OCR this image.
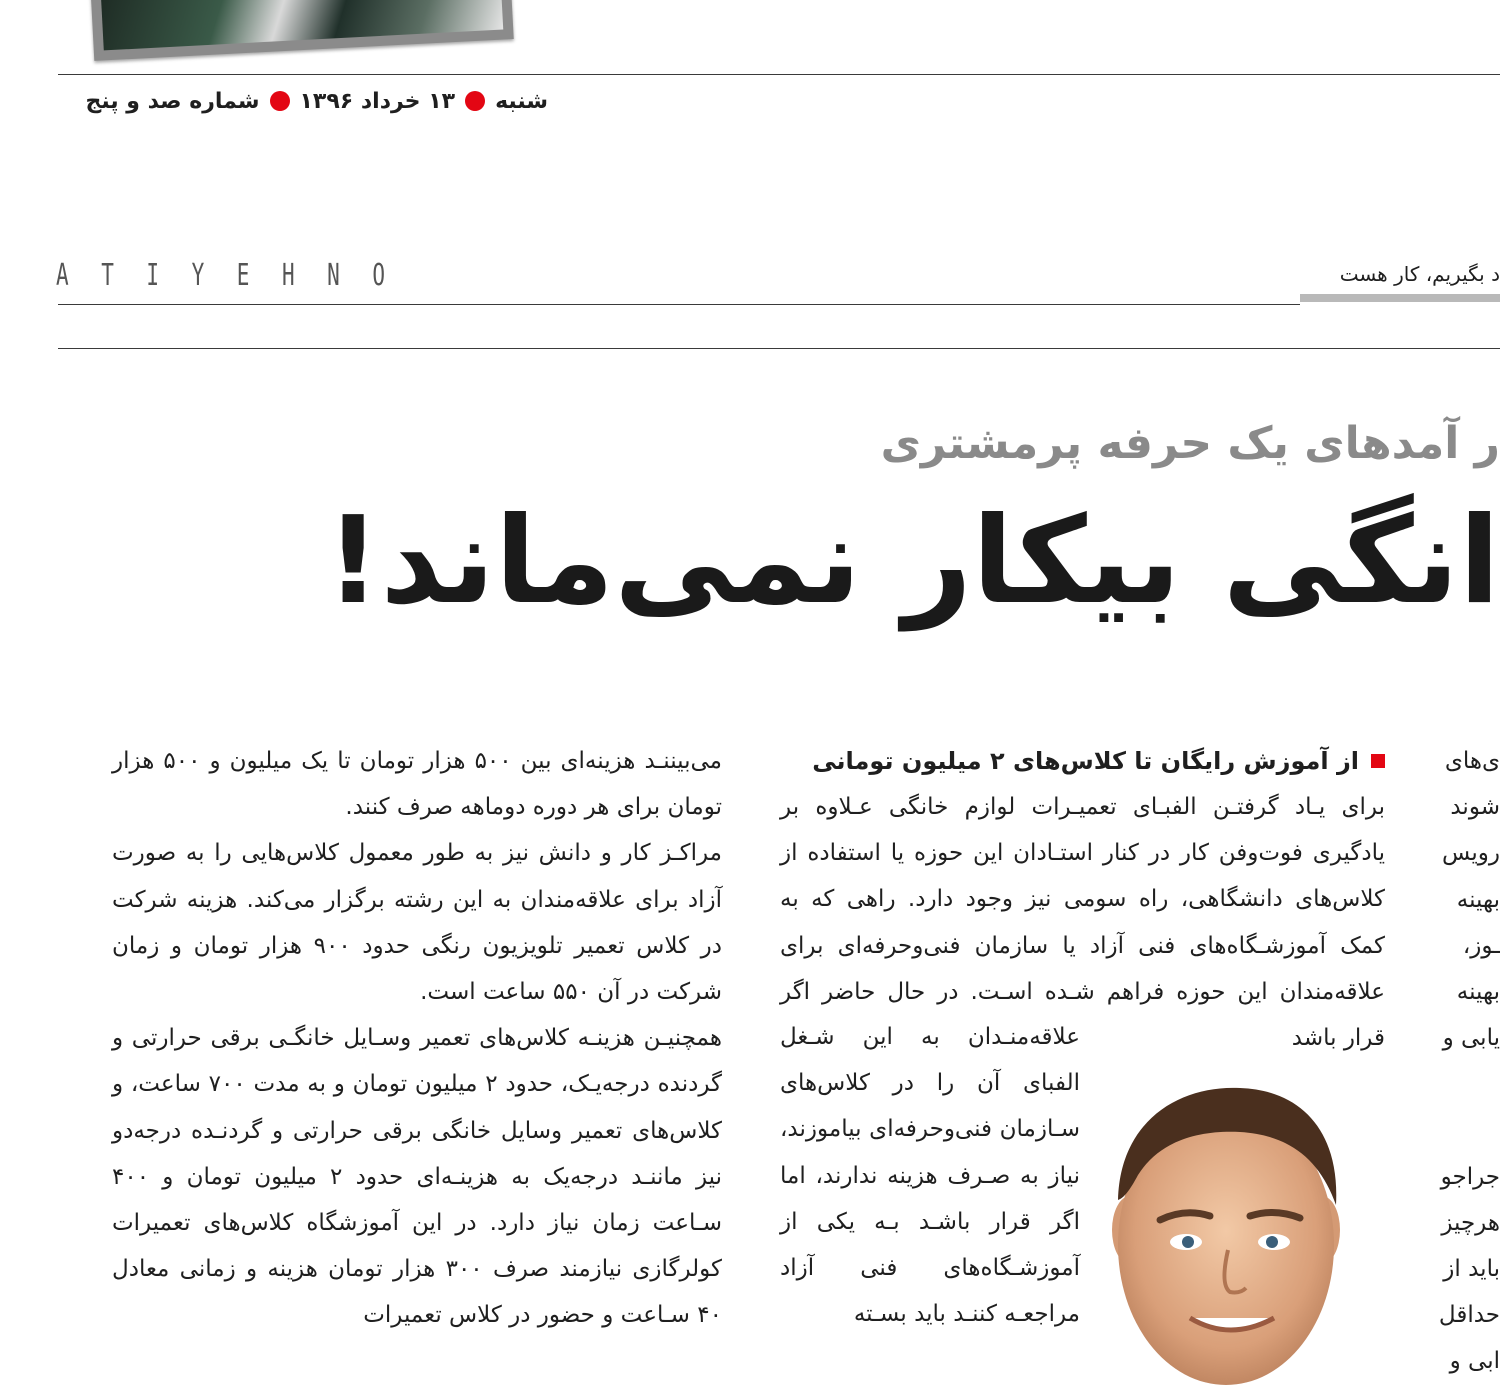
شنبه
۱۳ خرداد ۱۳۹۶
شماره صد و پنج
د بگیریم، کار هست
A T I Y E H N O
ر آمدهای یک حرفه پرمشتری
انگی بیکار نمی‌ماند!
از آموزش رایگان تا کلاس‌های ۲ میلیون تومانی

برای یـاد گرفتـن الفبـای تعمیـرات لوازم خانگی عـلاوه بر یادگیری فوت‌وفن کار در کنار استـادان این حوزه یا استفاده از کلاس‌های دانشگاهی، راه سومی نیز وجود دارد. راهی که به کمک آموزشـگاه‌های فنی آزاد یا سازمان فنی‌وحرفه‌ای برای علاقه‌مندان این حوزه فراهم شـده اسـت. در حال حاضر اگر قرار باشد

علاقه‌منـدان به این شـغل الفبای آن را در کلاس‌های سـازمان فنی‌وحرفه‌ای بیاموزند، نیاز به صـرف هزینه ندارند، اما اگر قرار باشـد بـه یکی از آموزشـگاه‌های فنی آزاد مراجعـه کننـد باید بسـته

می‌بیننـد هزینه‌ای بین ۵۰۰ هزار تومان تا یک میلیون و ۵۰۰ هزار تومان برای هر دوره دوماهه صرف کنند.

مراکـز کار و دانش نیز به طور معمول کلاس‌هایی را به صورت آزاد برای علاقه‌مندان به این رشته برگزار می‌کند. هزینه شرکت در کلاس تعمیر تلویزیون رنگی حدود ۹۰۰ هزار تومان و زمان شرکت در آن ۵۵۰ ساعت است.

همچنیـن هزینـه کلاس‌های تعمیر وسـایل خانگـی برقی حرارتی و گردنده درجه‌یـک، حدود ۲ میلیون تومان و به مدت ۷۰۰ ساعت، و کلاس‌های تعمیر وسایل خانگی برقی حرارتی و گردنـده درجه‌دو نیز ماننـد درجه‌یک به هزینـه‌ای حدود ۲ میلیون تومان و ۴۰۰ سـاعت زمان نیاز دارد. در این آموزشگاه کلاس‌های تعمیرات کولرگازی نیازمند صرف ۳۰۰ هزار تومان هزینه و زمانی معادل ۴۰ سـاعت و حضور در کلاس تعمیرات

ی‌های
شوند
رویس
بهینه
ـوز،
بهینه
یابی و
جراجو
هرچیز
باید از
حداقل
ابی و
